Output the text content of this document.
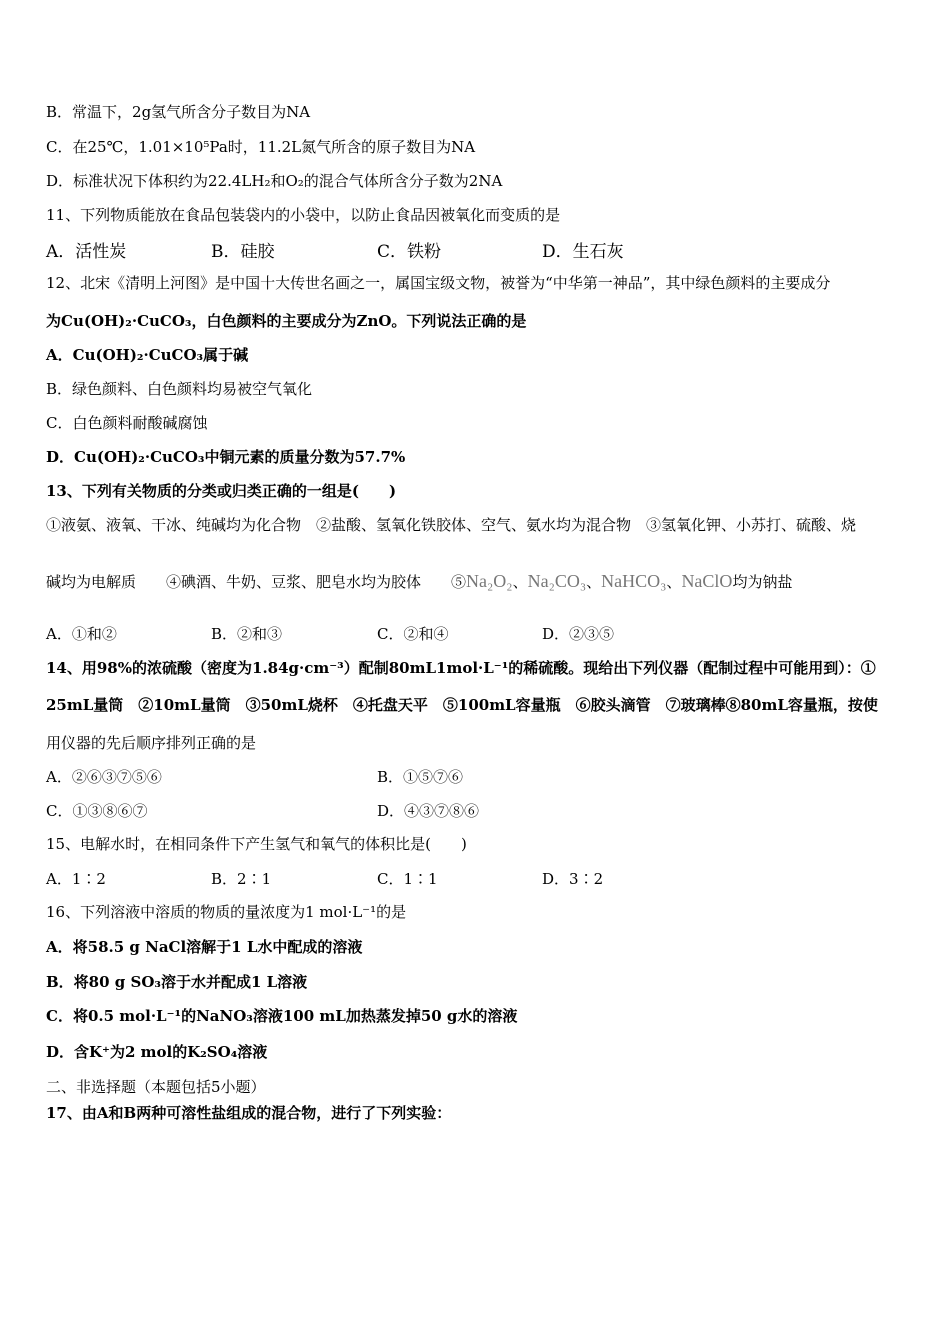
B．常温下，2g氢气所含分子数目为NA
C．在25℃，1.01×10⁵Pa时，11.2L氮气所含的原子数目为NA
D．标准状况下体积约为22.4LH₂和O₂的混合气体所含分子数为2NA
11、下列物质能放在食品包装袋内的小袋中，以防止食品因被氧化而变质的是
A．活性炭	B．硅胶	C．铁粉	D．生石灰
12、北宋《清明上河图》是中国十大传世名画之一，属国宝级文物，被誉为“中华第一神品”，其中绿色颜料的主要成分
为Cu(OH)₂·CuCO₃，白色颜料的主要成分为ZnO。下列说法正确的是
A．Cu(OH)₂·CuCO₃属于碱
B．绿色颜料、白色颜料均易被空气氧化
C．白色颜料耐酸碱腐蚀
D．Cu(OH)₂·CuCO₃中铜元素的质量分数为57.7%
13、下列有关物质的分类或归类正确的一组是(　　)
①液氨、液氧、干冰、纯碱均为化合物　②盐酸、氢氧化铁胶体、空气、氨水均为混合物　③氢氧化钾、小苏打、硫酸、烧
碱均为电解质　　④碘酒、牛奶、豆浆、肥皂水均为胶体　　⑤Na₂O₂、Na₂CO₃、NaHCO₃、NaClO均为钠盐
A．①和②	B．②和③	C．②和④	D．②③⑤
14、用98%的浓硫酸（密度为1.84g·cm⁻³）配制80mL1mol·L⁻¹的稀硫酸。现给出下列仪器（配制过程中可能用到）：①
25mL量筒　②10mL量筒　③50mL烧杯　④托盘天平　⑤100mL容量瓶　⑥胶头滴管　⑦玻璃棒⑧80mL容量瓶，按使
用仪器的先后顺序排列正确的是
A．②⑥③⑦⑤⑥	B．①⑤⑦⑥
C．①③⑧⑥⑦	D．④③⑦⑧⑥
15、电解水时，在相同条件下产生氢气和氧气的体积比是(　　)
A．1∶2	B．2∶1	C．1∶1	D．3∶2
16、下列溶液中溶质的物质的量浓度为1 mol·L⁻¹的是
A．将58.5 g NaCl溶解于1 L水中配成的溶液
B．将80 g SO₃溶于水并配成1 L溶液
C．将0.5 mol·L⁻¹的NaNO₃溶液100 mL加热蒸发掉50 g水的溶液
D．含K⁺为2 mol的K₂SO₄溶液
二、非选择题（本题包括5小题）
17、由A和B两种可溶性盐组成的混合物，进行了下列实验：
